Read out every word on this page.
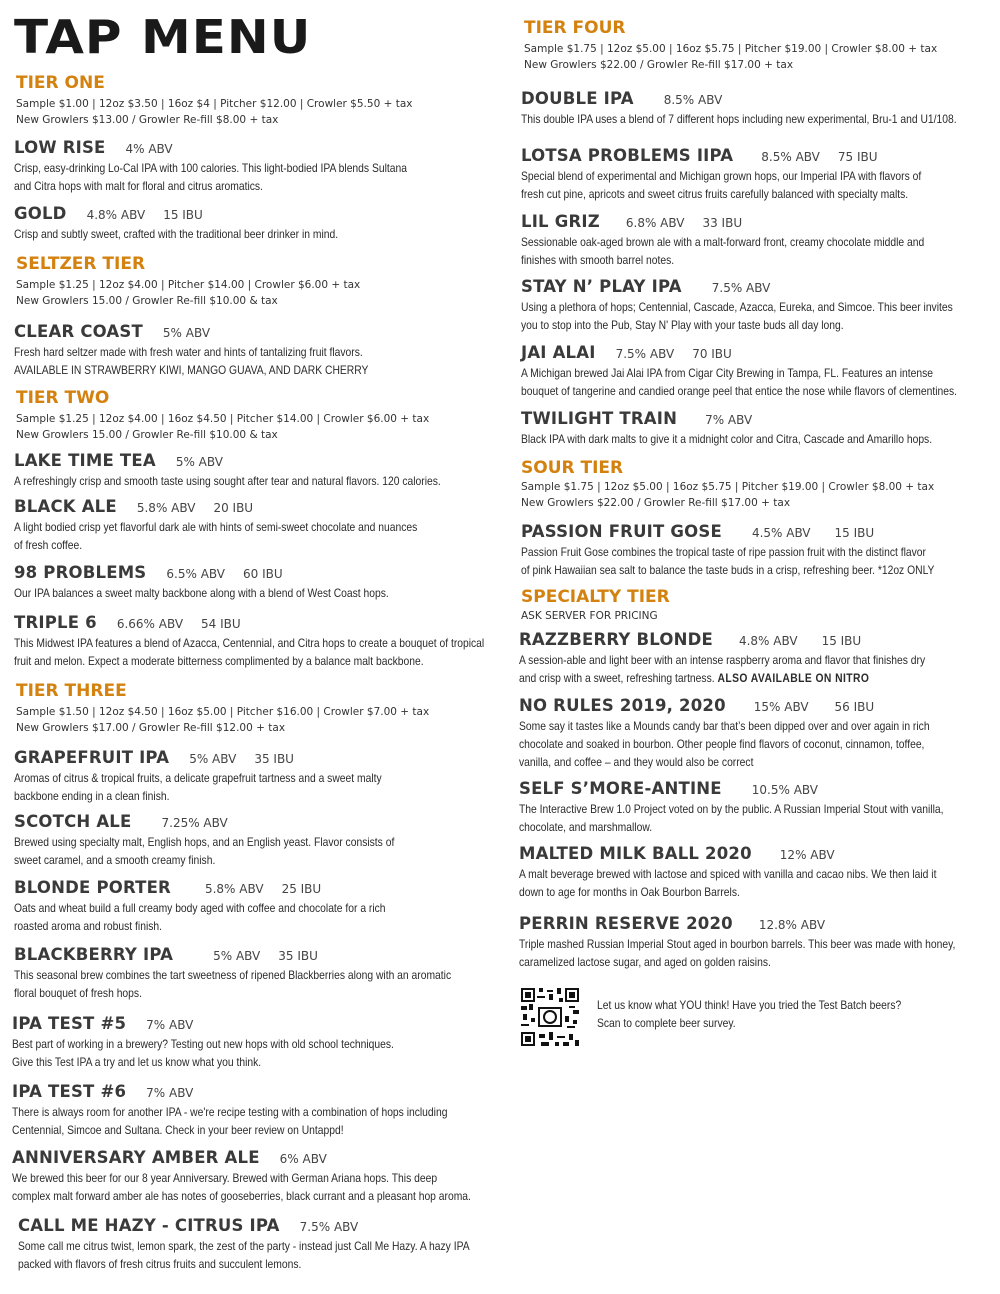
TAP MENU

TIER ONE

Sample $1.00 | 12oz $3.50 | 16oz $4 | Pitcher $12.00 | Crowler $5.50 + tax
New Growlers $13.00 / Growler Re-fill $8.00 + tax

LOW RISE 4% ABV

Crisp, easy-drinking Lo-Cal IPA with 100 calories. This light-bodied IPA blends Sultana
and Citra hops with malt for floral and citrus aromatics.

GOLD 4.8% ABV 15 IBU

Crisp and subtly sweet, crafted with the traditional beer drinker in mind.

SELTZER TIER

Sample $1.25 | 12oz $4.00 | Pitcher $14.00 | Crowler $6.00 + tax
New Growlers 15.00 / Growler Re-fill $10.00 & tax

CLEAR COAST 5% ABV

Fresh hard seltzer made with fresh water and hints of tantalizing fruit flavors.
AVAILABLE IN STRAWBERRY KIWI, MANGO GUAVA, AND DARK CHERRY

TIER TWO

Sample $1.25 | 12oz $4.00 | 16oz $4.50 | Pitcher $14.00 | Crowler $6.00 + tax
New Growlers 15.00 / Growler Re-fill $10.00 & tax

LAKE TIME TEA 5% ABV

A refreshingly crisp and smooth taste using sought after tear and natural flavors. 120 calories.

BLACK ALE 5.8% ABV 20 IBU

A light bodied crisp yet flavorful dark ale with hints of semi-sweet chocolate and nuances
of fresh coffee.

98 PROBLEMS 6.5% ABV 60 IBU

Our IPA balances a sweet malty backbone along with a blend of West Coast hops.

TRIPLE 6 6.66% ABV 54 IBU

This Midwest IPA features a blend of Azacca, Centennial, and Citra hops to create a bouquet of tropical
fruit and melon. Expect a moderate bitterness complimented by a balance malt backbone.

TIER THREE

Sample $1.50 | 12oz $4.50 | 16oz $5.00 | Pitcher $16.00 | Crowler $7.00 + tax
New Growlers $17.00 / Growler Re-fill $12.00 + tax

GRAPEFRUIT IPA 5% ABV 35 IBU

Aromas of citrus & tropical fruits, a delicate grapefruit tartness and a sweet malty
backbone ending in a clean finish.

SCOTCH ALE	7.25% ABV

Brewed using specialty malt, English hops, and an English yeast. Flavor consists of
sweet caramel, and a smooth creamy finish.

BLONDE PORTER	5.8% ABV 25 IBU

Oats and wheat build a full creamy body aged with coffee and chocolate for a rich
roasted aroma and robust finish.

BLACKBERRY IPA	5% ABV 35 IBU

This seasonal brew combines the tart sweetness of ripened Blackberries along with an aromatic
floral bouquet of fresh hops.

IPA TEST #5 7% ABV

Best part of working in a brewery? Testing out new hops with old school techniques.
Give this Test IPA a try and let us know what you think.

IPA TEST #6 7% ABV

There is always room for another IPA - we're recipe testing with a combination of hops including
Centennial, Simcoe and Sultana. Check in your beer review on Untappd!

ANNIVERSARY AMBER ALE 6% ABV

We brewed this beer for our 8 year Anniversary. Brewed with German Ariana hops. This deep
complex malt forward amber ale has notes of gooseberries, black currant and a pleasant hop aroma.

CALL ME HAZY - CITRUS IPA 7.5% ABV

Some call me citrus twist, lemon spark, the zest of the party - instead just Call Me Hazy. A hazy IPA
packed with flavors of fresh citrus fruits and succulent lemons.

TIER FOUR

Sample $1.75 | 12oz $5.00 | 16oz $5.75 | Pitcher $19.00 | Crowler $8.00 + tax
New Growlers $22.00 / Growler Re-fill $17.00 + tax

DOUBLE IPA	8.5% ABV

This double IPA uses a blend of 7 different hops including new experimental, Bru-1 and U1/108.

LOTSA PROBLEMS IIPA 8.5% ABV 75 IBU

Special blend of experimental and Michigan grown hops, our Imperial IPA with flavors of
fresh cut pine, apricots and sweet citrus fruits carefully balanced with specialty malts.

LIL GRIZ 6.8% ABV 33 IBU

Sessionable oak-aged brown ale with a malt-forward front, creamy chocolate middle and
finishes with smooth barrel notes.

STAY N’ PLAY IPA	7.5% ABV

Using a plethora of hops; Centennial, Cascade, Azacca, Eureka, and Simcoe. This beer invites
you to stop into the Pub, Stay N' Play with your taste buds all day long.

JAI ALAI 7.5% ABV 70 IBU

A Michigan brewed Jai Alai IPA from Cigar City Brewing in Tampa, FL. Features an intense
bouquet of tangerine and candied orange peel that entice the nose while flavors of clementines.

TWILIGHT TRAIN 7% ABV

Black IPA with dark malts to give it a midnight color and Citra, Cascade and Amarillo hops.

SOUR TIER

Sample $1.75 | 12oz $5.00 | 16oz $5.75 | Pitcher $19.00 | Crowler $8.00 + tax
New Growlers $22.00 / Growler Re-fill $17.00 + tax

PASSION FRUIT GOSE	4.5% ABV 15 IBU

Passion Fruit Gose combines the tropical taste of ripe passion fruit with the distinct flavor
of pink Hawaiian sea salt to balance the taste buds in a crisp, refreshing beer. *12oz ONLY

SPECIALTY TIER

ASK SERVER FOR PRICING

RAZZBERRY BLONDE 4.8% ABV 15 IBU

A session-able and light beer with an intense raspberry aroma and flavor that finishes dry
and crisp with a sweet, refreshing tartness. ALSO AVAILABLE ON NITRO

NO RULES 2019, 2020 15% ABV 56 IBU

Some say it tastes like a Mounds candy bar that’s been dipped over and over again in rich
chocolate and soaked in bourbon. Other people find flavors of coconut, cinnamon, toffee,
vanilla, and coffee – and they would also be correct

SELF S’MORE-ANTINE	10.5% ABV

The Interactive Brew 1.0 Project voted on by the public. A Russian Imperial Stout with vanilla,
chocolate, and marshmallow.

MALTED MILK BALL 2020 12% ABV

A malt beverage brewed with lactose and spiced with vanilla and cacao nibs. We then laid it
down to age for months in Oak Bourbon Barrels.

PERRIN RESERVE 2020 12.8% ABV

Triple mashed Russian Imperial Stout aged in bourbon barrels. This beer was made with honey,
caramelized lactose sugar, and aged on golden raisins.

Let us know what YOU think! Have you tried the Test Batch beers?
Scan to complete beer survey.
